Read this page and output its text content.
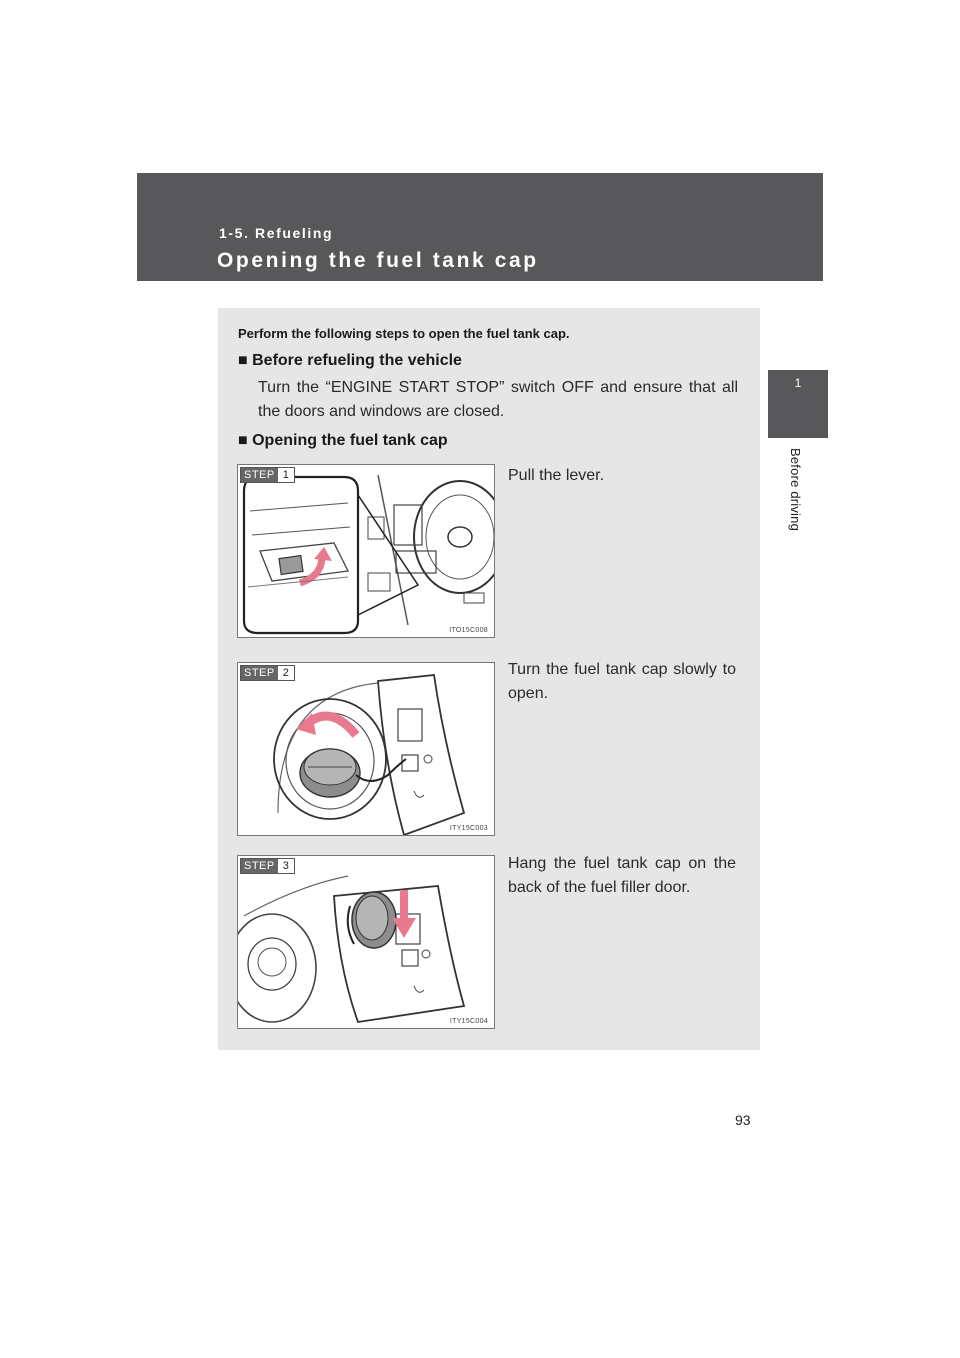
1-5. Refueling
Opening the fuel tank cap
1
Before driving
Perform the following steps to open the fuel tank cap.
■ Before refueling the vehicle
Turn the “ENGINE START STOP” switch OFF and ensure that all the doors and windows are closed.
■ Opening the fuel tank cap
STEP 1
ITO15C008
Pull the lever.
STEP 2
ITY15C003
Turn the fuel tank cap slowly to open.
STEP 3
ITY15C004
Hang the fuel tank cap on the back of the fuel filler door.
93
